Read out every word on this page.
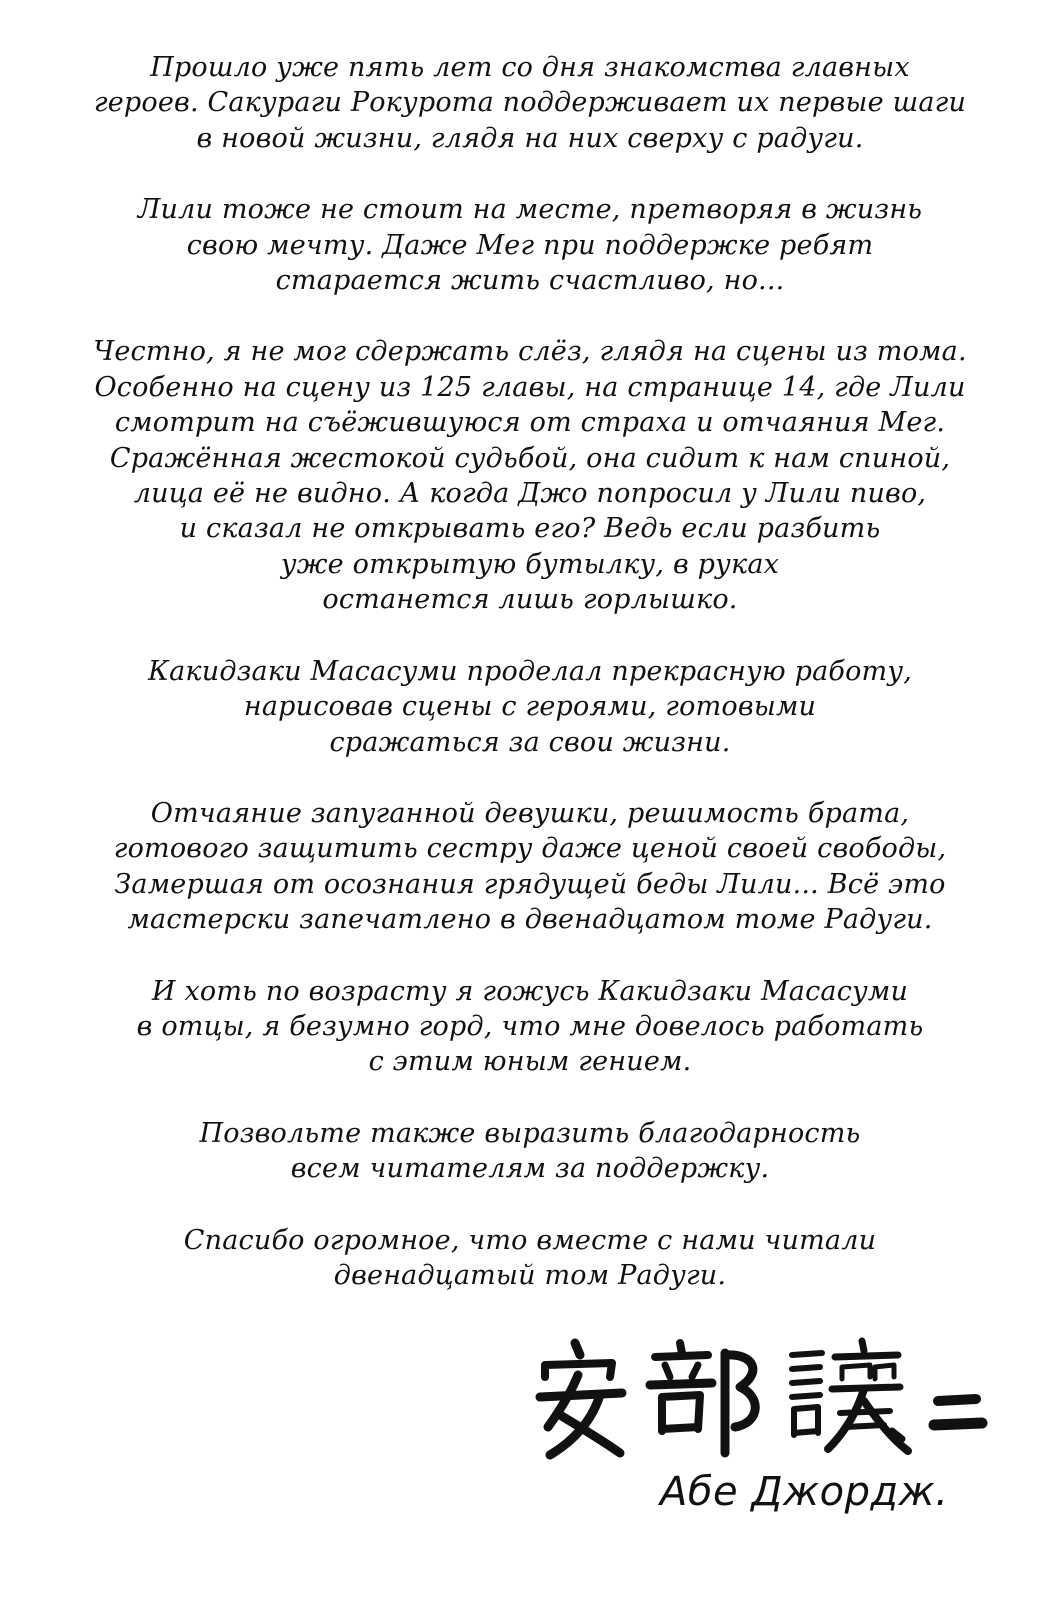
Прошло уже пять лет со дня знакомства главных
героев. Сакураги Рокурота поддерживает их первые шаги
в новой жизни, глядя на них сверху с радуги.

Лили тоже не стоит на месте, претворяя в жизнь
свою мечту. Даже Мег при поддержке ребят
старается жить счастливо, но...

Честно, я не мог сдержать слёз, глядя на сцены из тома.
Особенно на сцену из 125 главы, на странице 14, где Лили
смотрит на съёжившуюся от страха и отчаяния Мег.
Сражённая жестокой судьбой, она сидит к нам спиной,
лица её не видно. А когда Джо попросил у Лили пиво,
и сказал не открывать его? Ведь если разбить
уже открытую бутылку, в руках
останется лишь горлышко.

Какидзаки Масасуми проделал прекрасную работу,
нарисовав сцены с героями, готовыми
сражаться за свои жизни.

Отчаяние запуганной девушки, решимость брата,
готового защитить сестру даже ценой своей свободы,
Замершая от осознания грядущей беды Лили... Всё это
мастерски запечатлено в двенадцатом томе Радуги.

И хоть по возрасту я гожусь Какидзаки Масасуми
в отцы, я безумно горд, что мне довелось работать
с этим юным гением.

Позвольте также выразить благодарность
всем читателям за поддержку.

Спасибо огромное, что вместе с нами читали
двенадцатый том Радуги.

Абе Джордж.
